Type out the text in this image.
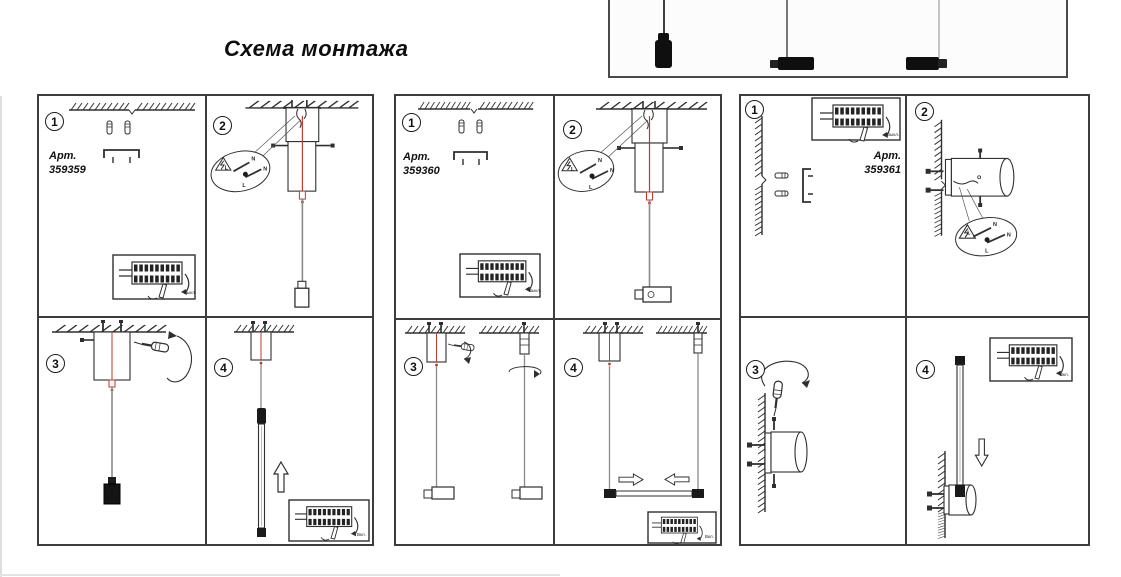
Схема монтажа
1
Арт.
359359
Выкл.
2
N
L	N
L
3	4
Вкл.
1
Арт.
359360
Выкл.
2
N
L	N
L
3	4
Вкл.
1
Арт.
359361
Выкл.
2
N
L	N
L
3	4	Вкл.
